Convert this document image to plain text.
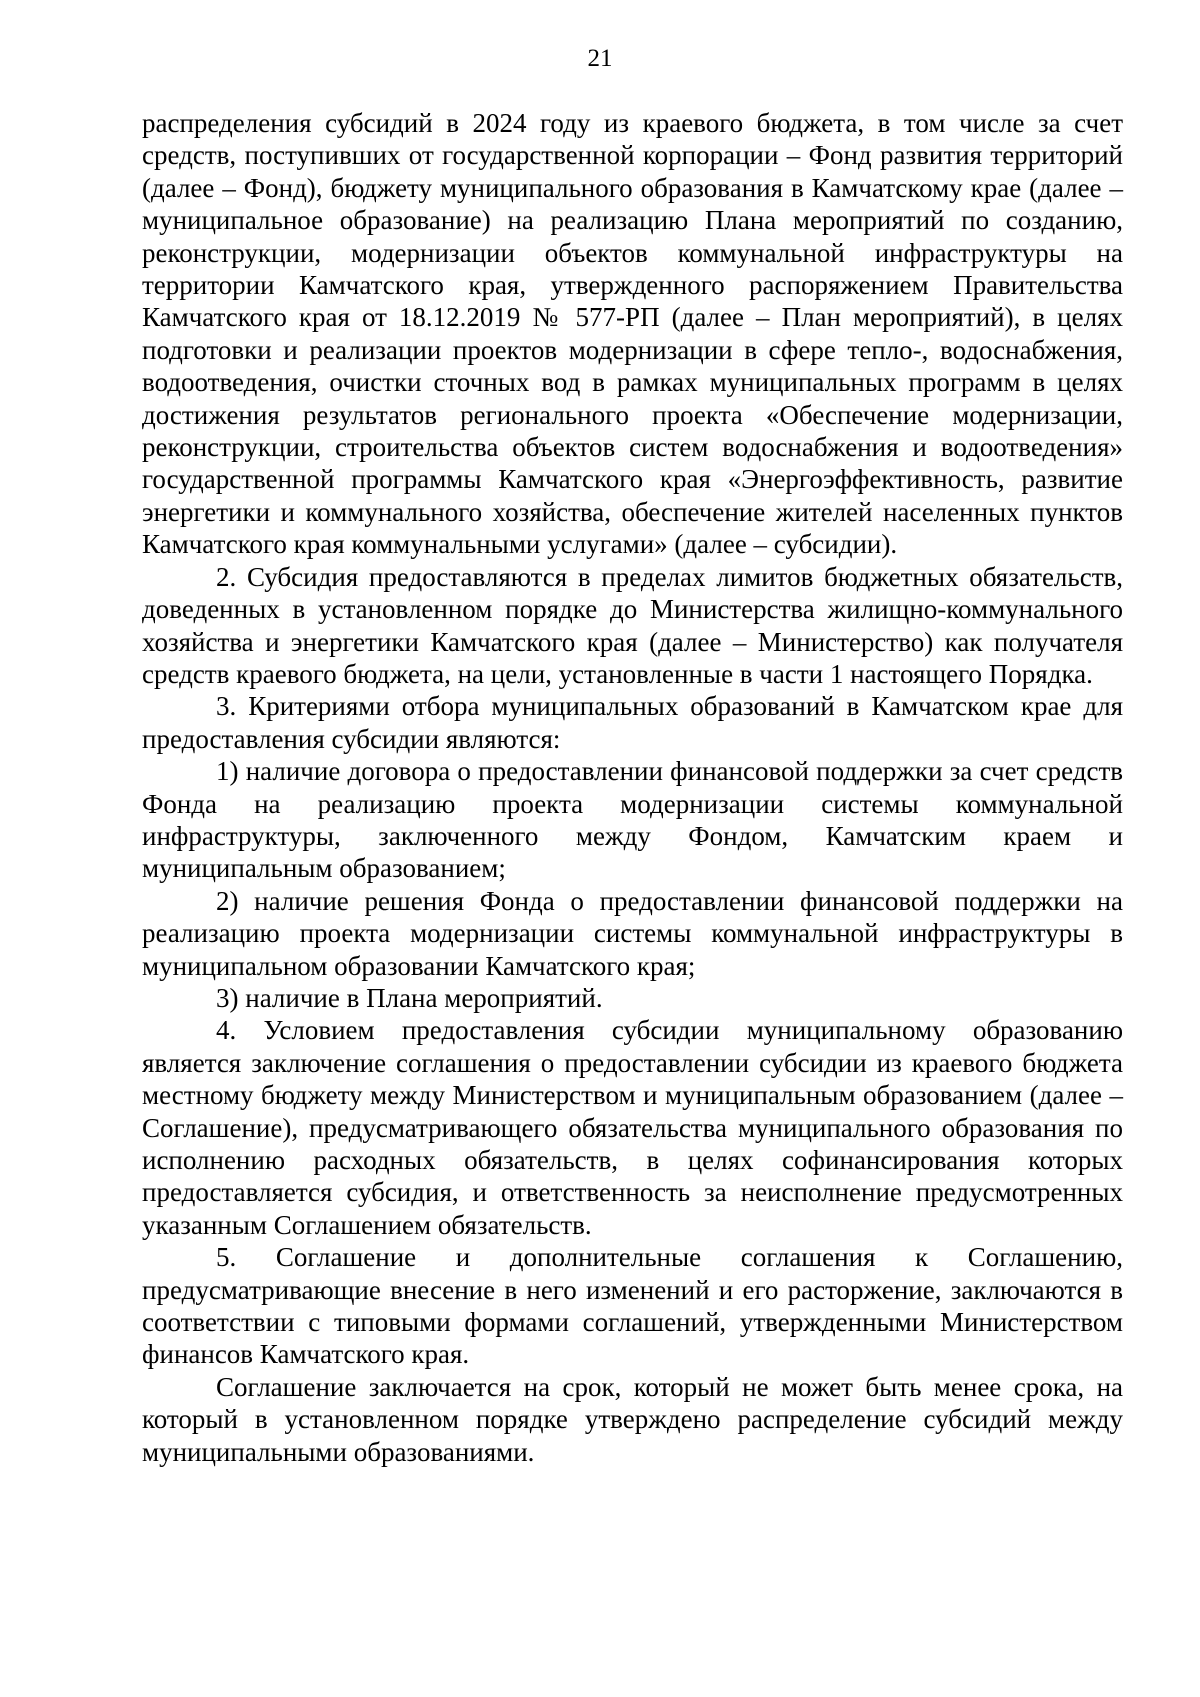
21

распределения субсидий в 2024 году из краевого бюджета, в том числе за счет средств, поступивших от государственной корпорации – Фонд развития территорий (далее – Фонд), бюджету муниципального образования в Камчатскому крае (далее – муниципальное образование) на реализацию Плана мероприятий по созданию, реконструкции, модернизации объектов коммунальной инфраструктуры на территории Камчатского края, утвержденного распоряжением Правительства Камчатского края от 18.12.2019 № 577-РП (далее – План мероприятий), в целях подготовки и реализации проектов модернизации в сфере тепло-, водоснабжения, водоотведения, очистки сточных вод в рамках муниципальных программ в целях достижения результатов регионального проекта «Обеспечение модернизации, реконструкции, строительства объектов систем водоснабжения и водоотведения» государственной программы Камчатского края «Энергоэффективность, развитие энергетики и коммунального хозяйства, обеспечение жителей населенных пунктов Камчатского края коммунальными услугами» (далее – субсидии).

2. Субсидия предоставляются в пределах лимитов бюджетных обязательств, доведенных в установленном порядке до Министерства жилищно-коммунального хозяйства и энергетики Камчатского края (далее – Министерство) как получателя средств краевого бюджета, на цели, установленные в части 1 настоящего Порядка.

3. Критериями отбора муниципальных образований в Камчатском крае для предоставления субсидии являются:

1) наличие договора о предоставлении финансовой поддержки за счет средств Фонда на реализацию проекта модернизации системы коммунальной инфраструктуры, заключенного между Фондом, Камчатским краем и муниципальным образованием;

2) наличие решения Фонда о предоставлении финансовой поддержки на реализацию проекта модернизации системы коммунальной инфраструктуры в муниципальном образовании Камчатского края;

3) наличие в Плана мероприятий.

4. Условием предоставления субсидии муниципальному образованию является заключение соглашения о предоставлении субсидии из краевого бюджета местному бюджету между Министерством и муниципальным образованием (далее – Соглашение), предусматривающего обязательства муниципального образования по исполнению расходных обязательств, в целях софинансирования которых предоставляется субсидия, и ответственность за неисполнение предусмотренных указанным Соглашением обязательств.

5. Соглашение и дополнительные соглашения к Соглашению, предусматривающие внесение в него изменений и его расторжение, заключаются в соответствии с типовыми формами соглашений, утвержденными Министерством финансов Камчатского края.

Соглашение заключается на срок, который не может быть менее срока, на который в установленном порядке утверждено распределение субсидий между муниципальными образованиями.
